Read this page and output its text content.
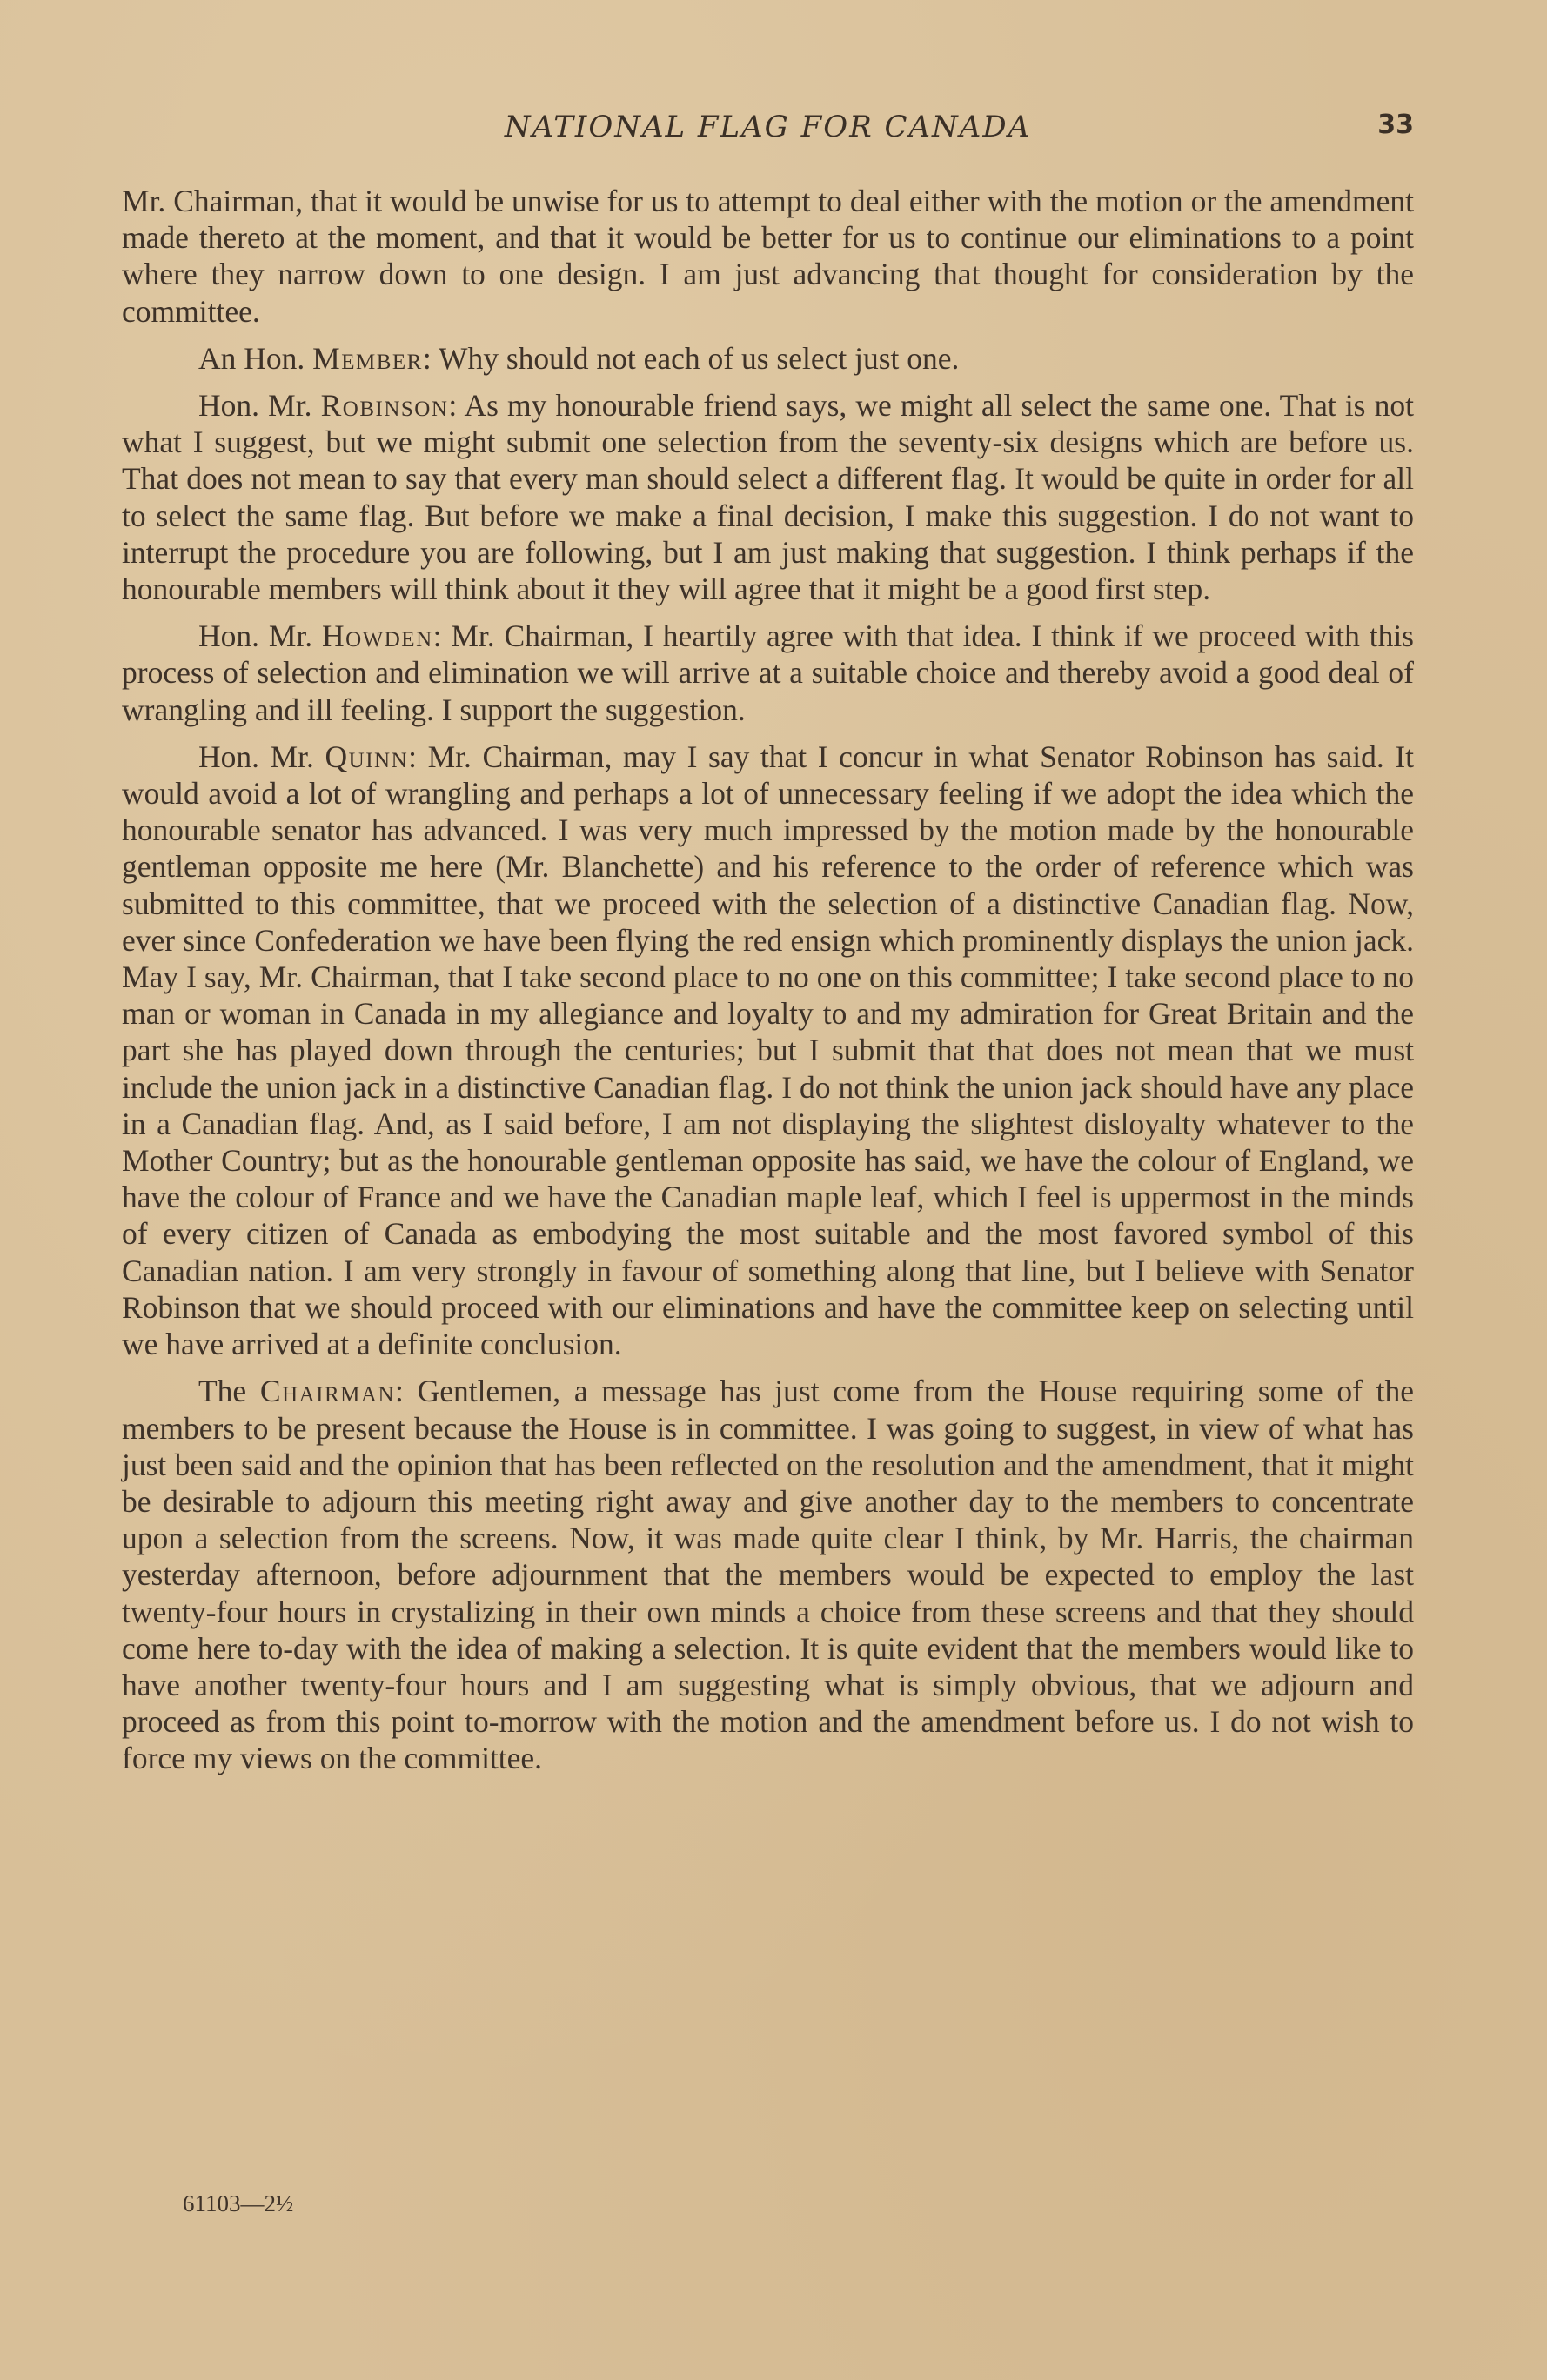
NATIONAL FLAG FOR CANADA	33

Mr. Chairman, that it would be unwise for us to attempt to deal either with the motion or the amendment made thereto at the moment, and that it would be better for us to continue our eliminations to a point where they narrow down to one design. I am just advancing that thought for consideration by the committee.

An Hon. Member: Why should not each of us select just one.

Hon. Mr. Robinson: As my honourable friend says, we might all select the same one. That is not what I suggest, but we might submit one selection from the seventy-six designs which are before us. That does not mean to say that every man should select a different flag. It would be quite in order for all to select the same flag. But before we make a final decision, I make this suggestion. I do not want to interrupt the procedure you are following, but I am just making that suggestion. I think perhaps if the honourable members will think about it they will agree that it might be a good first step.

Hon. Mr. Howden: Mr. Chairman, I heartily agree with that idea. I think if we proceed with this process of selection and elimination we will arrive at a suitable choice and thereby avoid a good deal of wrangling and ill feeling. I support the suggestion.

Hon. Mr. Quinn: Mr. Chairman, may I say that I concur in what Senator Robinson has said. It would avoid a lot of wrangling and perhaps a lot of unnecessary feeling if we adopt the idea which the honourable senator has advanced. I was very much impressed by the motion made by the honourable gentleman opposite me here (Mr. Blanchette) and his reference to the order of reference which was submitted to this committee, that we proceed with the selection of a distinctive Canadian flag. Now, ever since Confederation we have been flying the red ensign which prominently displays the union jack. May I say, Mr. Chairman, that I take second place to no one on this committee; I take second place to no man or woman in Canada in my allegiance and loyalty to and my admiration for Great Britain and the part she has played down through the centuries; but I submit that that does not mean that we must include the union jack in a distinctive Canadian flag. I do not think the union jack should have any place in a Canadian flag. And, as I said before, I am not displaying the slightest disloyalty whatever to the Mother Country; but as the honourable gentleman opposite has said, we have the colour of England, we have the colour of France and we have the Canadian maple leaf, which I feel is uppermost in the minds of every citizen of Canada as embodying the most suitable and the most favored symbol of this Canadian nation. I am very strongly in favour of something along that line, but I believe with Senator Robinson that we should proceed with our eliminations and have the committee keep on selecting until we have arrived at a definite conclusion.

The Chairman: Gentlemen, a message has just come from the House requiring some of the members to be present because the House is in committee. I was going to suggest, in view of what has just been said and the opinion that has been reflected on the resolution and the amendment, that it might be desirable to adjourn this meeting right away and give another day to the members to concentrate upon a selection from the screens. Now, it was made quite clear I think, by Mr. Harris, the chairman yesterday afternoon, before adjournment that the members would be expected to employ the last twenty-four hours in crystalizing in their own minds a choice from these screens and that they should come here to-day with the idea of making a selection. It is quite evident that the members would like to have another twenty-four hours and I am suggesting what is simply obvious, that we adjourn and proceed as from this point to-morrow with the motion and the amendment before us. I do not wish to force my views on the committee.

61103—2½
